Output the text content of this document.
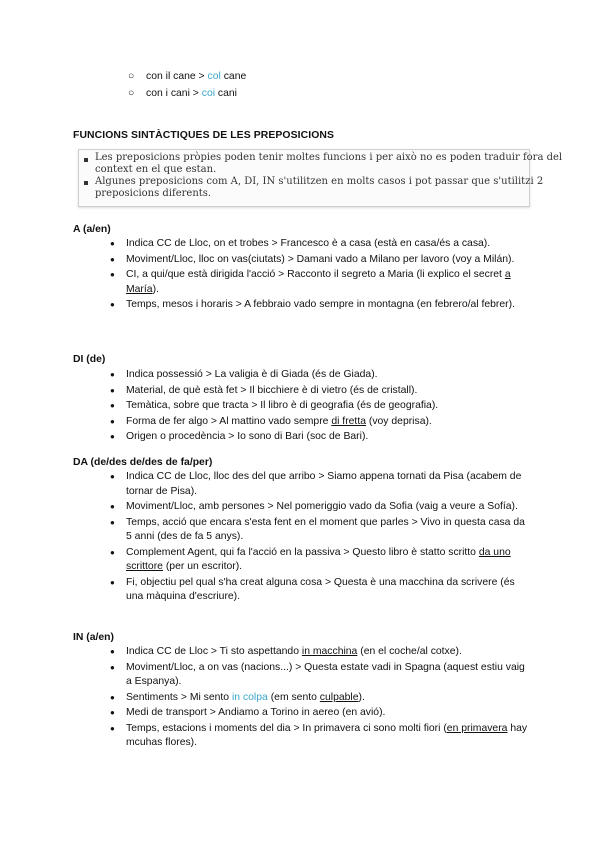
○ con il cane > col cane
○ con i cani > coi cani
FUNCIONS SINTÀCTIQUES DE LES PREPOSICIONS
Les preposicions pròpies poden tenir moltes funcions i per això no es poden traduir fora del
context en el que estan.
Algunes preposicions com A, DI, IN s'utilitzen en molts casos i pot passar que s'utilitzi 2
preposicions diferents.
A (a/en)
● Indica CC de Lloc, on et trobes > Francesco è a casa (està en casa/és a casa).
● Moviment/Lloc, lloc on vas(ciutats) > Damani vado a Milano per lavoro (voy a Milán).
● CI, a qui/que està dirigida l'acció > Racconto il segreto a Maria (li explico el secret a María).
● Temps, mesos i horaris > A febbraio vado sempre in montagna (en febrero/al febrer).
DI (de)
● Indica possessió > La valigia è di Giada (és de Giada).
● Material, de què està fet > Il bicchiere è di vietro (és de cristall).
● Temàtica, sobre que tracta > Il libro è di geografia (és de geografia).
● Forma de fer algo > Al mattino vado sempre di fretta (voy deprisa).
● Origen o procedència > Io sono di Bari (soc de Bari).
DA (de/des de/des de fa/per)
● Indica CC de Lloc, lloc des del que arribo > Siamo appena tornati da Pisa (acabem de tornar de Pisa).
● Moviment/Lloc, amb persones > Nel pomeriggio vado da Sofia (vaig a veure a Sofía).
● Temps, acció que encara s'esta fent en el moment que parles > Vivo in questa casa da 5 anni (des de fa 5 anys).
● Complement Agent, qui fa l'acció en la passiva > Questo libro è statto scritto da uno scrittore (per un escritor).
● Fi, objectiu pel qual s'ha creat alguna cosa > Questa è una macchina da scrivere (és una màquina d'escriure).
IN (a/en)
● Indica CC de Lloc > Ti sto aspettando in macchina (en el coche/al cotxe).
● Moviment/Lloc, a on vas (nacions...) > Questa estate vadi in Spagna (aquest estiu vaig a Espanya).
● Sentiments > Mi sento in colpa (em sento culpable).
● Medi de transport > Andiamo a Torino in aereo (en avió).
● Temps, estacions i moments del dia > In primavera ci sono molti fiori (en primavera hay mcuhas flores).
